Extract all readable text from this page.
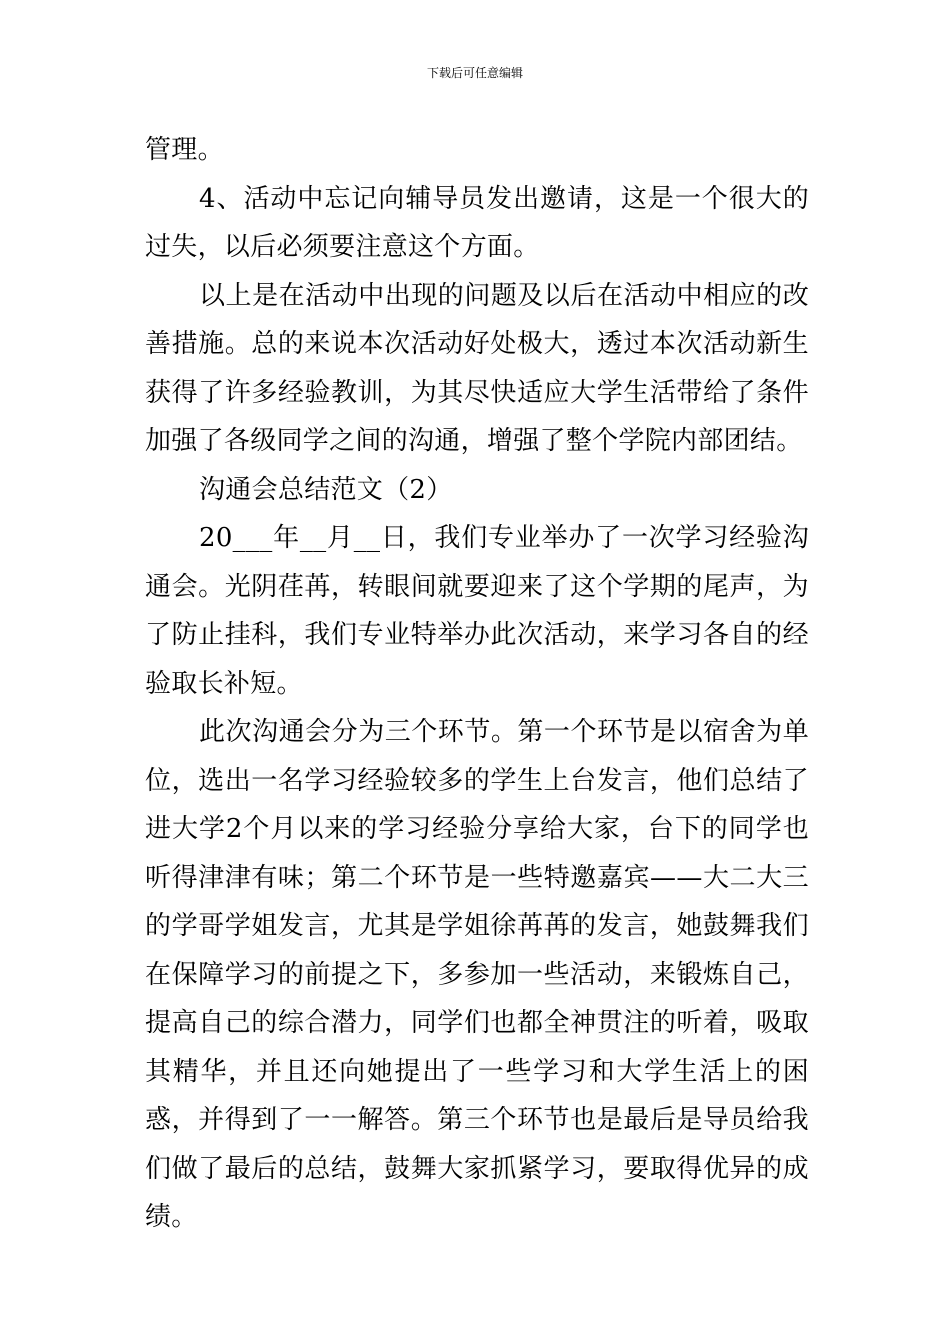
下载后可任意编辑

管理。

4、活动中忘记向辅导员发出邀请，这是一个很大的过失，以后必须要注意这个方面。

以上是在活动中出现的问题及以后在活动中相应的改善措施。总的来说本次活动好处极大，透过本次活动新生获得了许多经验教训，为其尽快适应大学生活带给了条件加强了各级同学之间的沟通，增强了整个学院内部团结。

沟通会总结范文（2）

20___年__月__日，我们专业举办了一次学习经验沟通会。光阴荏苒，转眼间就要迎来了这个学期的尾声，为了防止挂科，我们专业特举办此次活动，来学习各自的经验取长补短。

此次沟通会分为三个环节。第一个环节是以宿舍为单位，选出一名学习经验较多的学生上台发言，他们总结了进大学2个月以来的学习经验分享给大家，台下的同学也听得津津有味；第二个环节是一些特邀嘉宾——大二大三的学哥学姐发言，尤其是学姐徐苒苒的发言，她鼓舞我们在保障学习的前提之下，多参加一些活动，来锻炼自己，提高自己的综合潜力，同学们也都全神贯注的听着，吸取其精华，并且还向她提出了一些学习和大学生活上的困惑，并得到了一一解答。第三个环节也是最后是导员给我们做了最后的总结，鼓舞大家抓紧学习，要取得优异的成绩。
